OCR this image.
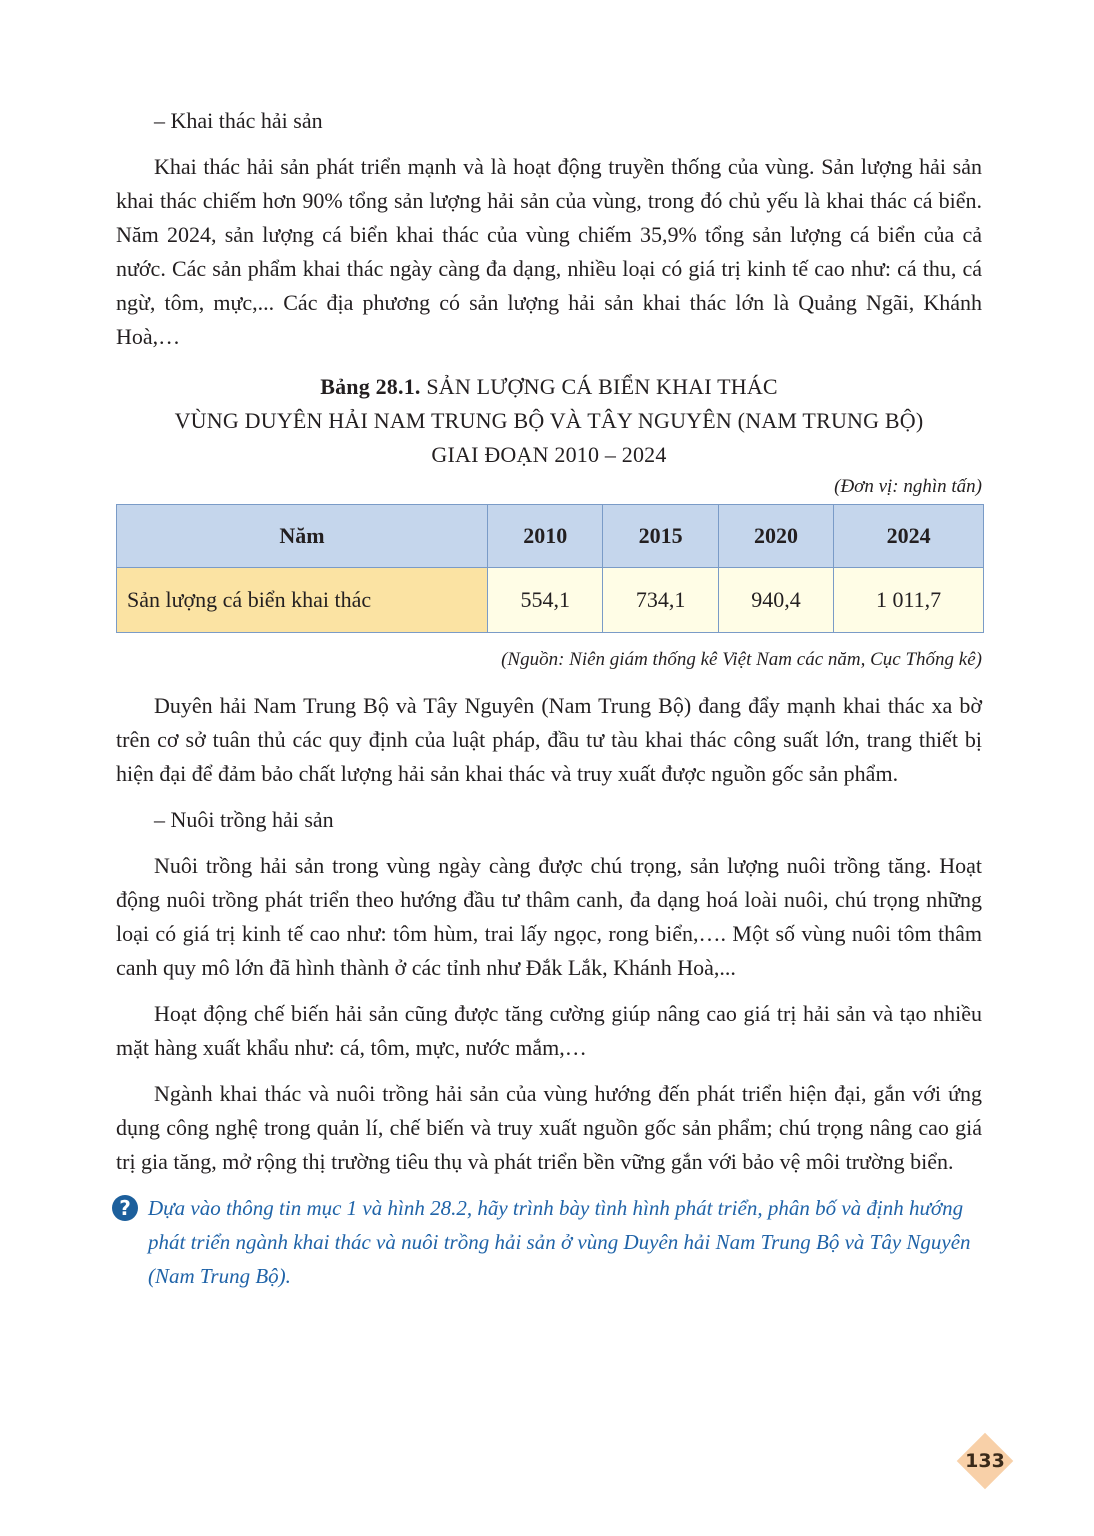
– Khai thác hải sản

Khai thác hải sản phát triển mạnh và là hoạt động truyền thống của vùng. Sản lượng hải sản khai thác chiếm hơn 90% tổng sản lượng hải sản của vùng, trong đó chủ yếu là khai thác cá biển. Năm 2024, sản lượng cá biển khai thác của vùng chiếm 35,9% tổng sản lượng cá biển của cả nước. Các sản phẩm khai thác ngày càng đa dạng, nhiều loại có giá trị kinh tế cao như: cá thu, cá ngừ, tôm, mực,... Các địa phương có sản lượng hải sản khai thác lớn là Quảng Ngãi, Khánh Hoà,…

Bảng 28.1. SẢN LƯỢNG CÁ BIỂN KHAI THÁC
VÙNG DUYÊN HẢI NAM TRUNG BỘ VÀ TÂY NGUYÊN (NAM TRUNG BỘ)
GIAI ĐOẠN 2010 – 2024
(Đơn vị: nghìn tấn)
Năm	2010	2015	2020	2024
Sản lượng cá biển khai thác	554,1	734,1	940,4	1 011,7
(Nguồn: Niên giám thống kê Việt Nam các năm, Cục Thống kê)

Duyên hải Nam Trung Bộ và Tây Nguyên (Nam Trung Bộ) đang đẩy mạnh khai thác xa bờ trên cơ sở tuân thủ các quy định của luật pháp, đầu tư tàu khai thác công suất lớn, trang thiết bị hiện đại để đảm bảo chất lượng hải sản khai thác và truy xuất được nguồn gốc sản phẩm.

– Nuôi trồng hải sản

Nuôi trồng hải sản trong vùng ngày càng được chú trọng, sản lượng nuôi trồng tăng. Hoạt động nuôi trồng phát triển theo hướng đầu tư thâm canh, đa dạng hoá loài nuôi, chú trọng những loại có giá trị kinh tế cao như: tôm hùm, trai lấy ngọc, rong biển,…. Một số vùng nuôi tôm thâm canh quy mô lớn đã hình thành ở các tỉnh như Đắk Lắk, Khánh Hoà,...

Hoạt động chế biến hải sản cũng được tăng cường giúp nâng cao giá trị hải sản và tạo nhiều mặt hàng xuất khẩu như: cá, tôm, mực, nước mắm,…

Ngành khai thác và nuôi trồng hải sản của vùng hướng đến phát triển hiện đại, gắn với ứng dụng công nghệ trong quản lí, chế biến và truy xuất nguồn gốc sản phẩm; chú trọng nâng cao giá trị gia tăng, mở rộng thị trường tiêu thụ và phát triển bền vững gắn với bảo vệ môi trường biển.

? Dựa vào thông tin mục 1 và hình 28.2, hãy trình bày tình hình phát triển, phân bố và định hướng phát triển ngành khai thác và nuôi trồng hải sản ở vùng Duyên hải Nam Trung Bộ và Tây Nguyên (Nam Trung Bộ).
133
